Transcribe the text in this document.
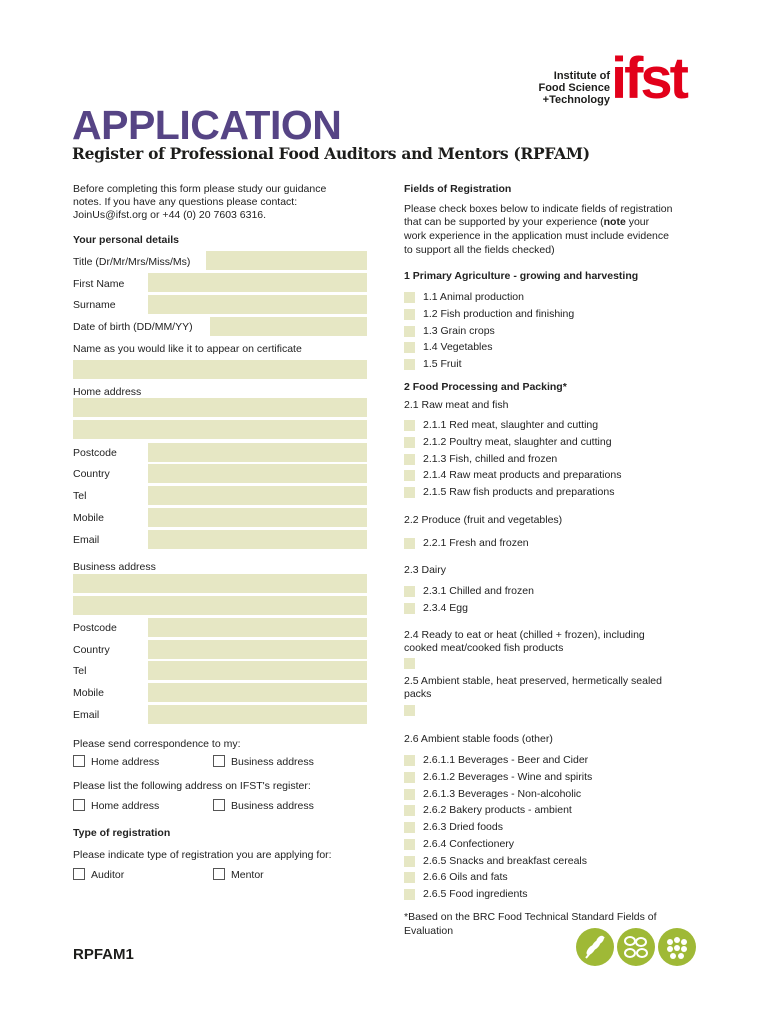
Institute of
Food Science
+Technology ifst
APPLICATION
Register of Professional Food Auditors and Mentors (RPFAM)
Before completing this form please study our guidance
notes. If you have any questions please contact:
JoinUs@ifst.org or +44 (0) 20 7603 6316.
Your personal details
Title (Dr/Mr/Mrs/Miss/Ms)
First Name
Surname
Date of birth (DD/MM/YY)
Name as you would like it to appear on certificate
Home address
Postcode
Country
Tel
Mobile
Email
Business address
Postcode
Country
Tel
Mobile
Email
Please send correspondence to my:
Home address	Business address
Please list the following address on IFST's register:
Home address	Business address
Type of registration
Please indicate type of registration you are applying for:
Auditor	Mentor
RPFAM1
Fields of Registration
Please check boxes below to indicate fields of registration
that can be supported by your experience (note your
work experience in the application must include evidence
to support all the fields checked)
1 Primary Agriculture - growing and harvesting
1.1 Animal production
1.2 Fish production and finishing
1.3 Grain crops
1.4 Vegetables
1.5 Fruit
2 Food Processing and Packing*
2.1 Raw meat and fish
2.1.1 Red meat, slaughter and cutting
2.1.2 Poultry meat, slaughter and cutting
2.1.3 Fish, chilled and frozen
2.1.4 Raw meat products and preparations
2.1.5 Raw fish products and preparations
2.2 Produce (fruit and vegetables)
2.2.1 Fresh and frozen
2.3 Dairy
2.3.1 Chilled and frozen
2.3.4 Egg
2.4 Ready to eat or heat (chilled + frozen), including
cooked meat/cooked fish products
2.5 Ambient stable, heat preserved, hermetically sealed
packs
2.6 Ambient stable foods (other)
2.6.1.1 Beverages - Beer and Cider
2.6.1.2 Beverages - Wine and spirits
2.6.1.3 Beverages - Non-alcoholic
2.6.2 Bakery products - ambient
2.6.3 Dried foods
2.6.4 Confectionery
2.6.5 Snacks and breakfast cereals
2.6.6 Oils and fats
2.6.5 Food ingredients
*Based on the BRC Food Technical Standard Fields of
Evaluation
